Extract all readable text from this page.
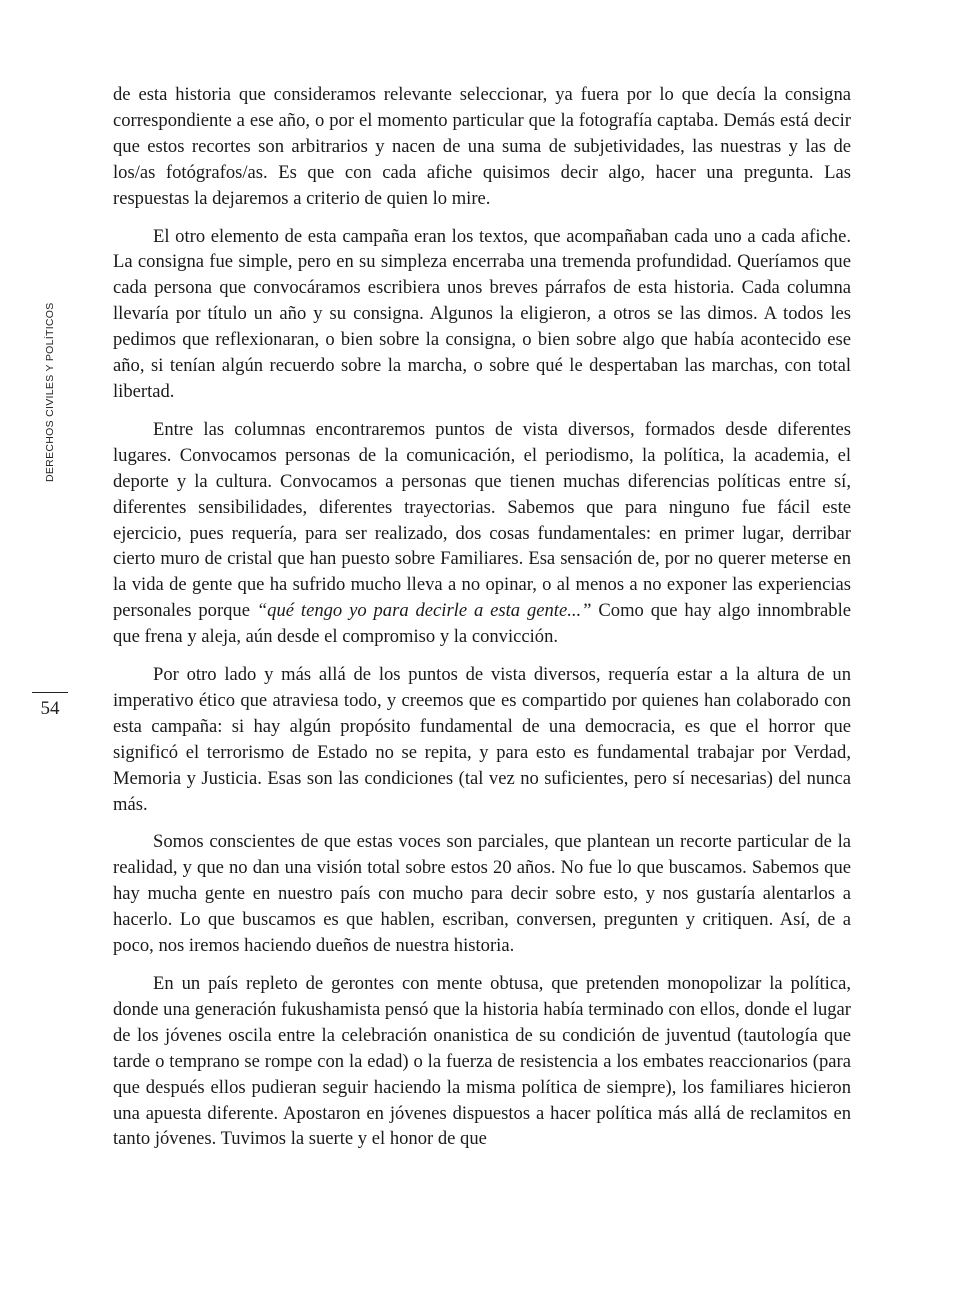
DERECHOS CIVILES Y POLÍTICOS
54

de esta historia que consideramos relevante seleccionar, ya fuera por lo que decía la consigna correspondiente a ese año, o por el momento particular que la fotografía captaba. Demás está decir que estos recortes son arbitrarios y nacen de una suma de subjetividades, las nuestras y las de los/as fotógrafos/as. Es que con cada afiche quisimos decir algo, hacer una pregunta. Las respuestas la dejaremos a criterio de quien lo mire.

El otro elemento de esta campaña eran los textos, que acompañaban cada uno a cada afiche. La consigna fue simple, pero en su simpleza encerraba una tremenda profundidad. Queríamos que cada persona que convocáramos escribiera unos breves párrafos de esta historia. Cada columna llevaría por título un año y su consigna. Algunos la eligieron, a otros se las dimos. A todos les pedimos que reflexionaran, o bien sobre la consigna, o bien sobre algo que había acontecido ese año, si tenían algún recuerdo sobre la marcha, o sobre qué le despertaban las marchas, con total libertad.

Entre las columnas encontraremos puntos de vista diversos, formados desde diferentes lugares. Convocamos personas de la comunicación, el periodismo, la política, la academia, el deporte y la cultura. Convocamos a personas que tienen muchas diferencias políticas entre sí, diferentes sensibilidades, diferentes trayectorias. Sabemos que para ninguno fue fácil este ejercicio, pues requería, para ser realizado, dos cosas fundamentales: en primer lugar, derribar cierto muro de cristal que han puesto sobre Familiares. Esa sensación de, por no querer meterse en la vida de gente que ha sufrido mucho lleva a no opinar, o al menos a no exponer las experiencias personales porque “qué tengo yo para decirle a esta gente...” Como que hay algo innombrable que frena y aleja, aún desde el compromiso y la convicción.

Por otro lado y más allá de los puntos de vista diversos, requería estar a la altura de un imperativo ético que atraviesa todo, y creemos que es compartido por quienes han colaborado con esta campaña: si hay algún propósito fundamental de una democracia, es que el horror que significó el terrorismo de Estado no se repita, y para esto es fundamental trabajar por Verdad, Memoria y Justicia. Esas son las condiciones (tal vez no suficientes, pero sí necesarias) del nunca más.

Somos conscientes de que estas voces son parciales, que plantean un recorte particular de la realidad, y que no dan una visión total sobre estos 20 años. No fue lo que buscamos. Sabemos que hay mucha gente en nuestro país con mucho para decir sobre esto, y nos gustaría alentarlos a hacerlo. Lo que buscamos es que hablen, escriban, conversen, pregunten y critiquen. Así, de a poco, nos iremos haciendo dueños de nuestra historia.

En un país repleto de gerontes con mente obtusa, que pretenden monopolizar la política, donde una generación fukushamista pensó que la historia había terminado con ellos, donde el lugar de los jóvenes oscila entre la celebración onanistica de su condición de juventud (tautología que tarde o temprano se rompe con la edad) o la fuerza de resistencia a los embates reaccionarios (para que después ellos pudieran seguir haciendo la misma política de siempre), los familiares hicieron una apuesta diferente. Apostaron en jóvenes dispuestos a hacer política más allá de reclamitos en tanto jóvenes. Tuvimos la suerte y el honor de que
